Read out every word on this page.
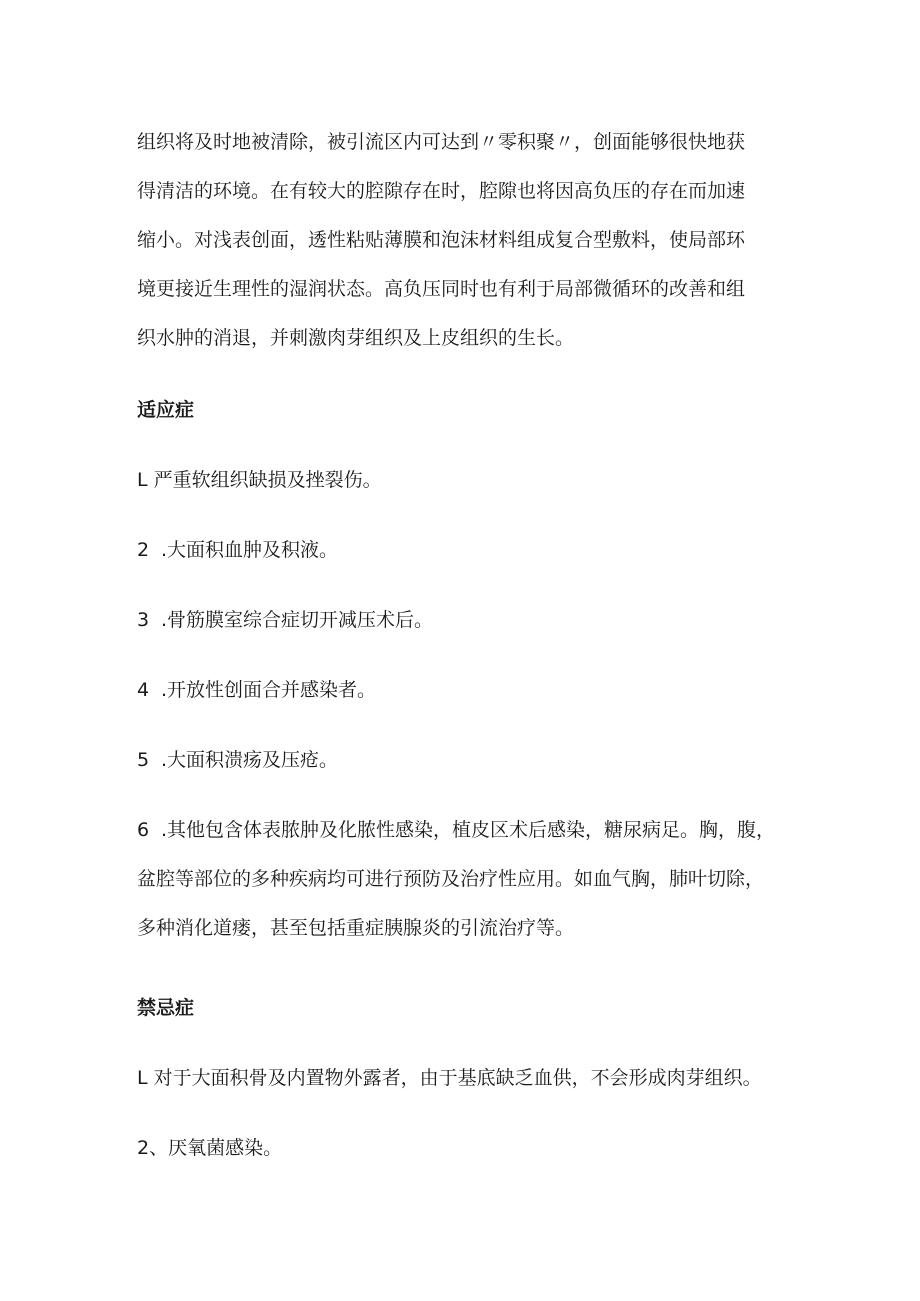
组织将及时地被清除，被引流区内可达到〃零积聚〃，创面能够很快地获
得清洁的环境。在有较大的腔隙存在时，腔隙也将因高负压的存在而加速
缩小。对浅表创面，透性粘贴薄膜和泡沫材料组成复合型敷料，使局部环
境更接近生理性的湿润状态。高负压同时也有利于局部微循环的改善和组
织水肿的消退，并刺激肉芽组织及上皮组织的生长。

适应症

L 严重软组织缺损及挫裂伤。

2 .大面积血肿及积液。

3 .骨筋膜室综合症切开减压术后。

4 .开放性创面合并感染者。

5 .大面积溃疡及压疮。

6 .其他包含体表脓肿及化脓性感染，植皮区术后感染，糖尿病足。胸，腹，
盆腔等部位的多种疾病均可进行预防及治疗性应用。如血气胸，肺叶切除，
多种消化道瘘，甚至包括重症胰腺炎的引流治疗等。

禁忌症

L 对于大面积骨及内置物外露者，由于基底缺乏血供，不会形成肉芽组织。

2、厌氧菌感染。
